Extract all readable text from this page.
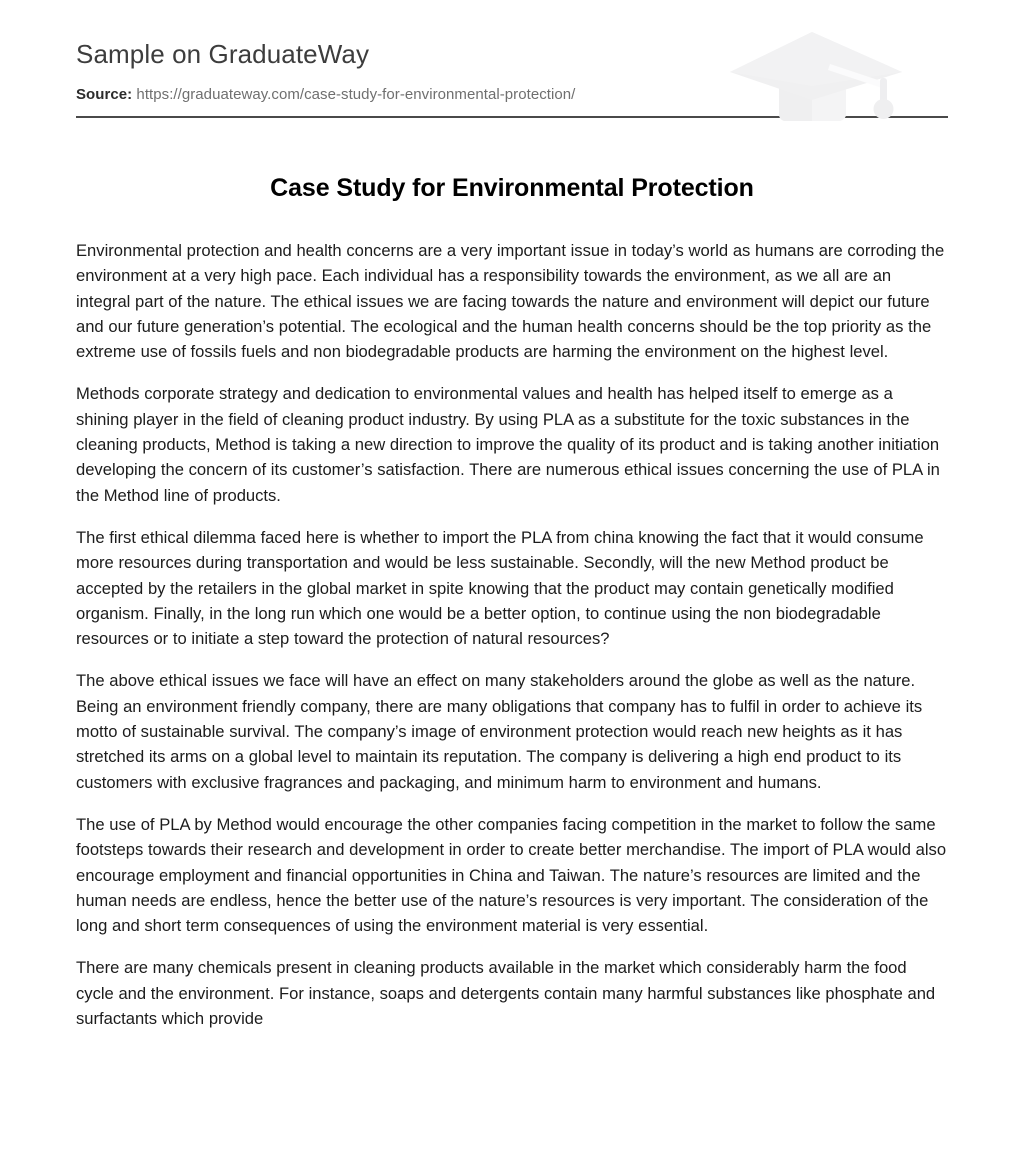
Sample on GraduateWay

Source: https://graduateway.com/case-study-for-environmental-protection/

Case Study for Environmental Protection

Environmental protection and health concerns are a very important issue in today’s world as humans are corroding the environment at a very high pace. Each individual has a responsibility towards the environment, as we all are an integral part of the nature. The ethical issues we are facing towards the nature and environment will depict our future and our future generation’s potential. The ecological and the human health concerns should be the top priority as the extreme use of fossils fuels and non biodegradable products are harming the environment on the highest level.

Methods corporate strategy and dedication to environmental values and health has helped itself to emerge as a shining player in the field of cleaning product industry. By using PLA as a substitute for the toxic substances in the cleaning products, Method is taking a new direction to improve the quality of its product and is taking another initiation developing the concern of its customer’s satisfaction. There are numerous ethical issues concerning the use of PLA in the Method line of products.

The first ethical dilemma faced here is whether to import the PLA from china knowing the fact that it would consume more resources during transportation and would be less sustainable. Secondly, will the new Method product be accepted by the retailers in the global market in spite knowing that the product may contain genetically modified organism. Finally, in the long run which one would be a better option, to continue using the non biodegradable resources or to initiate a step toward the protection of natural resources?

The above ethical issues we face will have an effect on many stakeholders around the globe as well as the nature. Being an environment friendly company, there are many obligations that company has to fulfil in order to achieve its motto of sustainable survival. The company’s image of environment protection would reach new heights as it has stretched its arms on a global level to maintain its reputation. The company is delivering a high end product to its customers with exclusive fragrances and packaging, and minimum harm to environment and humans.

The use of PLA by Method would encourage the other companies facing competition in the market to follow the same footsteps towards their research and development in order to create better merchandise. The import of PLA would also encourage employment and financial opportunities in China and Taiwan. The nature’s resources are limited and the human needs are endless, hence the better use of the nature’s resources is very important. The consideration of the long and short term consequences of using the environment material is very essential.

There are many chemicals present in cleaning products available in the market which considerably harm the food cycle and the environment. For instance, soaps and detergents contain many harmful substances like phosphate and surfactants which provide
